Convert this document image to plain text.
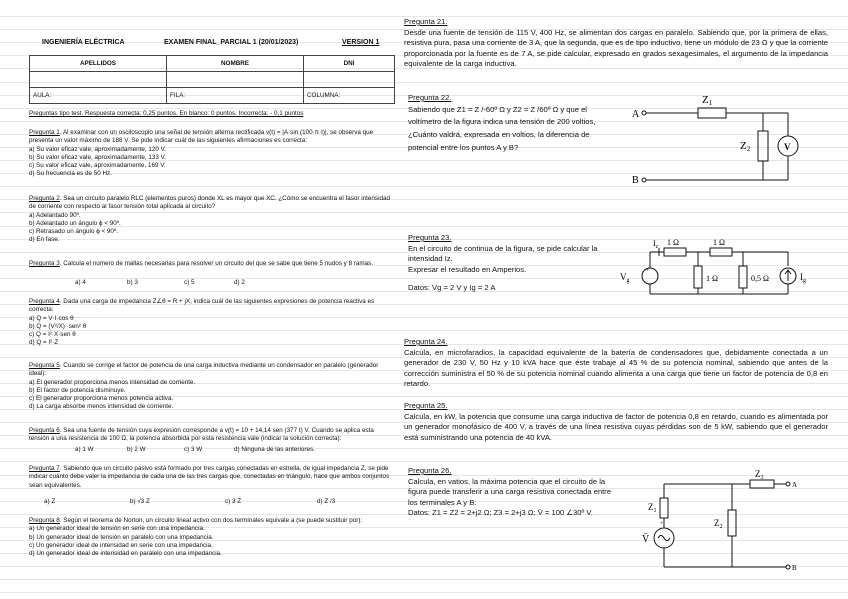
INGENIERÍA ELÉCTRICA	EXAMEN FINAL_PARCIAL 1 (20/01/2023)	VERSION 1
APELLIDOS	NOMBRE	DNI

AULA:	FILA:	COLUMNA:
Preguntas tipo test. Respuesta correcta: 0,25 puntos. En blanco: 0 puntos. Incorrecta: - 0,1 puntos
Pregunta 1. Al examinar con un osciloscopio una señal de tensión alterna rectificada v(t) = |A·sin (100·π·t)|, se observa que presenta un valor máximo de 188 V. Se pide indicar cuál de las siguientes afirmaciones es correcta:
a) Su valor eficaz vale, aproximadamente, 120 V.
b) Su valor eficaz vale, aproximadamente, 133 V.
c) Su valor eficaz vale, aproximadamente, 169 V.
d) Su frecuencia es de 50 Hz.
Pregunta 2. Sea un circuito paralelo RLC (elementos puros) donde XL es mayor que XC. ¿Cómo se encuentra el fasor intensidad de corriente con respecto al fasor tensión total aplicada al circuito?
a) Adelantado 90º.
b) Adelantado un ángulo ϕ < 90º.
c) Retrasado un ángulo ϕ < 90º.
d) En fase.
Pregunta 3. Calcula el número de mallas necesarias para resolver un circuito del que se sabe que tiene 5 nudos y 8 ramas.
a) 4	b) 3	c) 5	d) 2
Pregunta 4. Dada una carga de impedancia Z∠θ = R + jX, indica cuál de las siguientes expresiones de potencia reactiva es correcta:
a) Q = V·I·cos θ
b) Q = (V²/X) ·sen² θ
c) Q = I²·X·sen θ
d) Q = I²·Z
Pregunta 5. Cuando se corrige el factor de potencia de una carga inductiva mediante un condensador en paralelo (generador ideal):
a) El generador proporciona menos intensidad de corriente.
b) El factor de potencia disminuye.
c) El generador proporciona menos potencia activa.
d) La carga absorbe menos intensidad de corriente.
Pregunta 6. Sea una fuente de tensión cuya expresión corresponde a v(t) = 10 + 14,14 sen (377 t) V. Cuando se aplica esta tensión a una resistencia de 100 Ω, la potencia absorbida por esta resistencia vale (indicar la solución correcta):
a) 1 W	b) 2 W	c) 3 W	d) Ninguna de las anteriores.
Pregunta 7. Sabiendo que un circuito pasivo está formado por tres cargas conectadas en estrella, de igual impedancia Z, se pide indicar cuánto debe valer la impedancia de cada una de las tres cargas que, conectadas en triángulo, hace que ambos conjuntos sean equivalentes.
a) Z	b) √3 Z	c) 3 Z	d) Z /3
Pregunta 8. Según el teorema de Norton, un circuito lineal activo con dos terminales equivale a (se puede sustituir por):
a) Un generador ideal de tensión en serie con una impedancia.
b) Un generador ideal de tensión en paralelo con una impedancia.
c) Un generador ideal de intensidad en serie con una impedancia.
d) Un generador ideal de intensidad en paralelo con una impedancia.

Pregunta 21.

Desde una fuente de tensión de 115 V, 400 Hz, se alimentan dos cargas en paralelo. Sabiendo que, por la primera de ellas, resistiva pura, pasa una corriente de 3 A, que la segunda, que es de tipo inductivo, tiene un módulo de 23 Ω y que la corriente proporcionada por la fuente es de 7 A, se pide calcular, expresado en grados sexagesimales, el argumento de la impedancia equivalente de la carga inductiva.

Pregunta 22.

Sabiendo que Z1 = Z /-60º Ω y Z2 = Z /60º Ω y que el voltímetro de la figura indica una tensión de 200 voltios, ¿Cuánto valdrá, expresada en voltios, la diferencia de potencial entre los puntos A y B?

Pregunta 23.

En el circuito de continua de la figura, se pide calcular la intensidad Iz.

Expresar el resultado en Amperios.

Datos: Vg = 2 V y Ig = 2 A

Pregunta 24.

Calcula, en microfaradios, la capacidad equivalente de la batería de condensadores que, debidamente conectada a un generador de 230 V, 50 Hz y 10 kVA hace que éste trabaje al 45 % de su potencia nominal, sabiendo que antes de la corrección suministra el 50 % de su potencia nominal cuando alimenta a una carga que tiene un factor de potencia de 0,8 en retardo.

Pregunta 25.

Calcula, en kW, la potencia que consume una carga inductiva de factor de potencia 0,8 en retardo, cuando es alimentada por un generador monofásico de 400 V, a través de una línea resistiva cuyas pérdidas son de 5 kW, sabiendo que el generador está suministrando una potencia de 40 kVA.

Pregunta 26.

Calcula, en vatios, la máxima potencia que el circuito de la figura puede transferir a una carga resistiva conectada entre los terminales A y B.

Datos: Z1 = Z2 = 2+j2 Ω; Z3 = 2+j3 Ω; V̄ = 100 ∠30º V.

A
B
Z1
Z2	V
+
$I_z$ 1 Ω	1 Ω
1 Ω	0,5 Ω
$V_g$	$I_g$
+
$Z_3$
$Z_1$
$Z_2$
V̄
A
B
